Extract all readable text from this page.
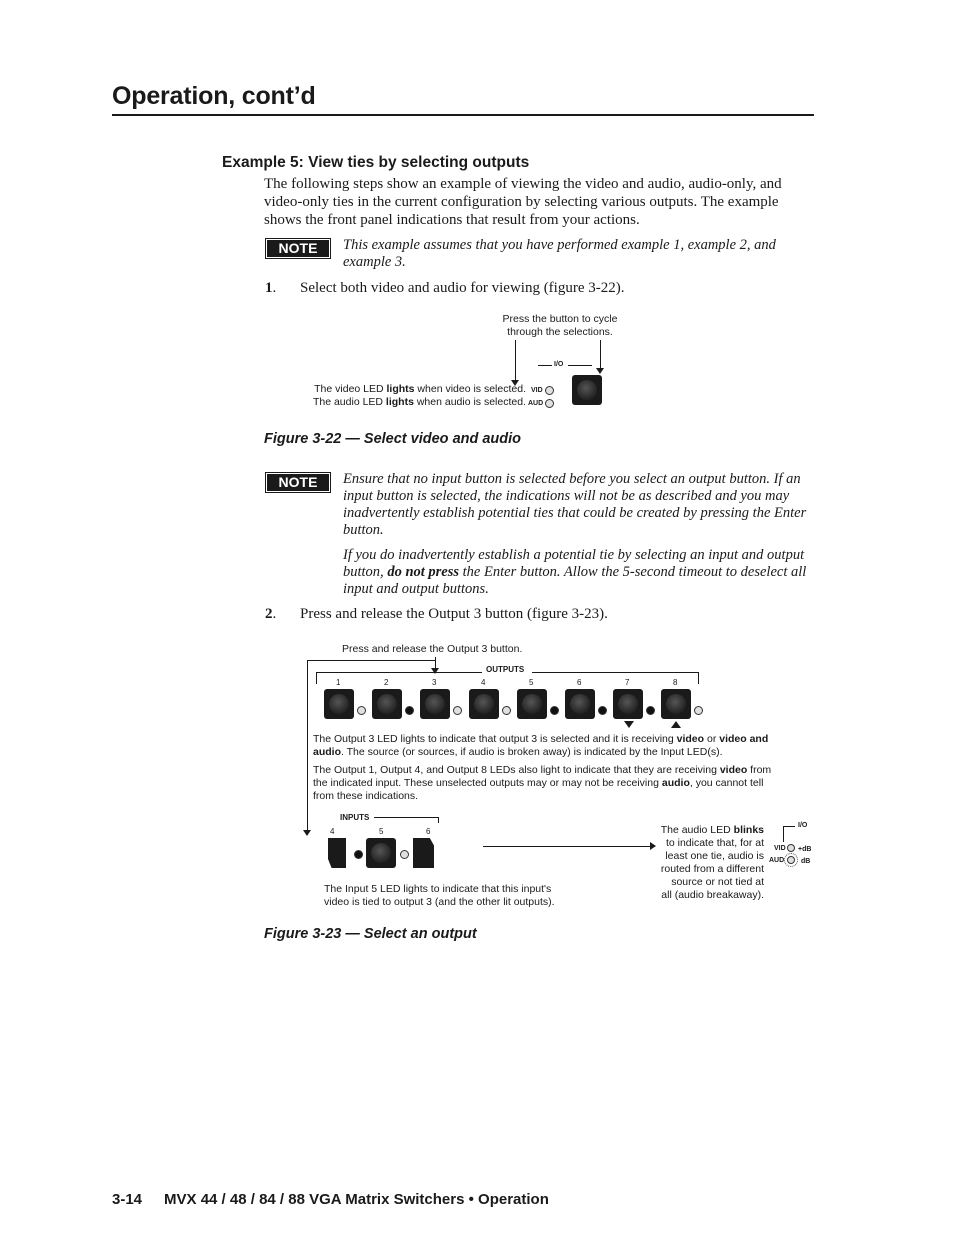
Operation, cont’d
Example 5: View ties by selecting outputs
The following steps show an example of viewing the video and audio, audio-only, and video-only ties in the current configuration by selecting various outputs. The example shows the front panel indications that result from your actions.
NOTE	This example assumes that you have performed example 1, example 2, and example 3.
1. Select both video and audio for viewing (figure 3-22).
Press the button to cycle
through the selections.
I/O
The video LED lights when video is selected.
The audio LED lights when audio is selected.
VID
AUD
Figure 3-22 — Select video and audio
NOTE	Ensure that no input button is selected before you select an output button. If an input button is selected, the indications will not be as described and you may inadvertently establish potential ties that could be created by pressing the Enter button.
If you do inadvertently establish a potential tie by selecting an input and output button, do not press the Enter button. Allow the 5-second timeout to deselect all input and output buttons.
2. Press and release the Output 3 button (figure 3-23).
Press and release the Output 3 button.
OUTPUTS
1	2	3	4	5	6	7	8
The Output 3 LED lights to indicate that output 3 is selected and it is receiving video or video and audio. The source (or sources, if audio is broken away) is indicated by the Input LED(s).
The Output 1, Output 4, and Output 8 LEDs also light to indicate that they are receiving video from the indicated input. These unselected outputs may or may not be receiving audio, you cannot tell from these indications.
INPUTS
4	5	6
The Input 5 LED lights to indicate that this input's
video is tied to output 3 (and the other lit outputs).
The audio LED blinks
to indicate that, for at
least one tie, audio is
routed from a different
source or not tied at
all (audio breakaway).
I/O
VID +dB
AUD dB
Figure 3-23 — Select an output
3-14 MVX 44 / 48 / 84 / 88 VGA Matrix Switchers • Operation
